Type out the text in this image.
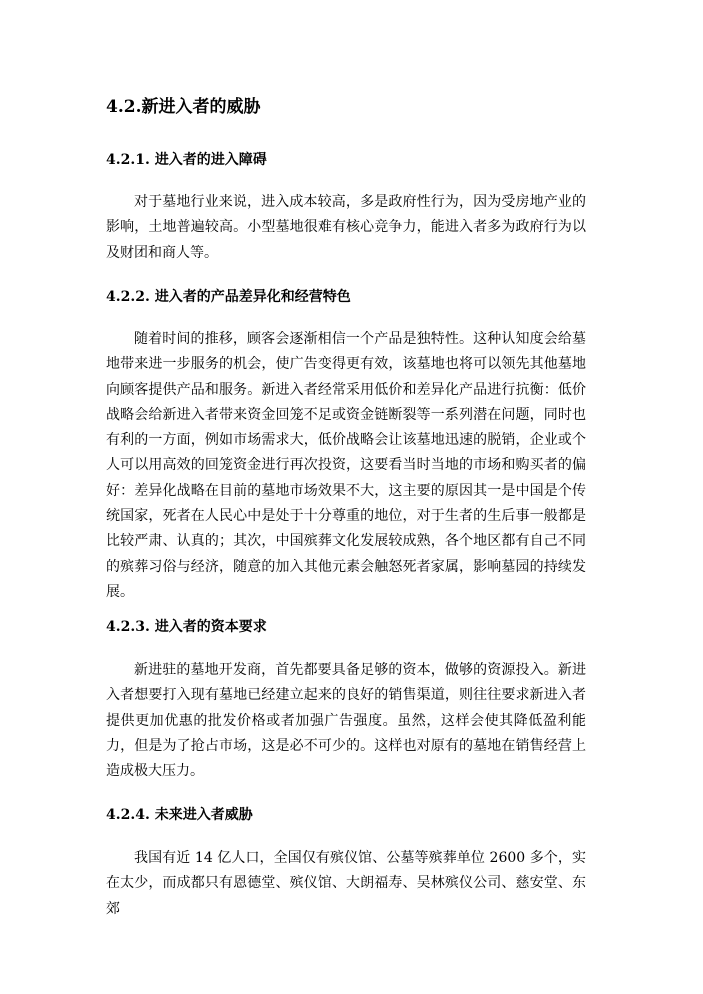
4.2.新进入者的威胁
4.2.1. 进入者的进入障碍

对于墓地行业来说，进入成本较高，多是政府性行为，因为受房地产业的影响，土地普遍较高。小型墓地很难有核心竞争力，能进入者多为政府行为以及财团和商人等。

4.2.2. 进入者的产品差异化和经营特色

随着时间的推移，顾客会逐渐相信一个产品是独特性。这种认知度会给墓地带来进一步服务的机会，使广告变得更有效，该墓地也将可以领先其他墓地向顾客提供产品和服务。新进入者经常采用低价和差异化产品进行抗衡：低价战略会给新进入者带来资金回笼不足或资金链断裂等一系列潜在问题，同时也有利的一方面，例如市场需求大，低价战略会让该墓地迅速的脱销，企业或个人可以用高效的回笼资金进行再次投资，这要看当时当地的市场和购买者的偏好：差异化战略在目前的墓地市场效果不大，这主要的原因其一是中国是个传统国家，死者在人民心中是处于十分尊重的地位，对于生者的生后事一般都是比较严肃、认真的；其次，中国殡葬文化发展较成熟，各个地区都有自己不同的殡葬习俗与经济，随意的加入其他元素会触怒死者家属，影响墓园的持续发展。

4.2.3. 进入者的资本要求

新进驻的墓地开发商，首先都要具备足够的资本，做够的资源投入。新进入者想要打入现有墓地已经建立起来的良好的销售渠道，则往往要求新进入者提供更加优惠的批发价格或者加强广告强度。虽然，这样会使其降低盈利能力，但是为了抢占市场，这是必不可少的。这样也对原有的墓地在销售经营上造成极大压力。

4.2.4. 未来进入者威胁

我国有近 14 亿人口，全国仅有殡仪馆、公墓等殡葬单位 2600 多个，实在太少，而成都只有恩德堂、殡仪馆、大朗福寿、吴林殡仪公司、慈安堂、东郊
